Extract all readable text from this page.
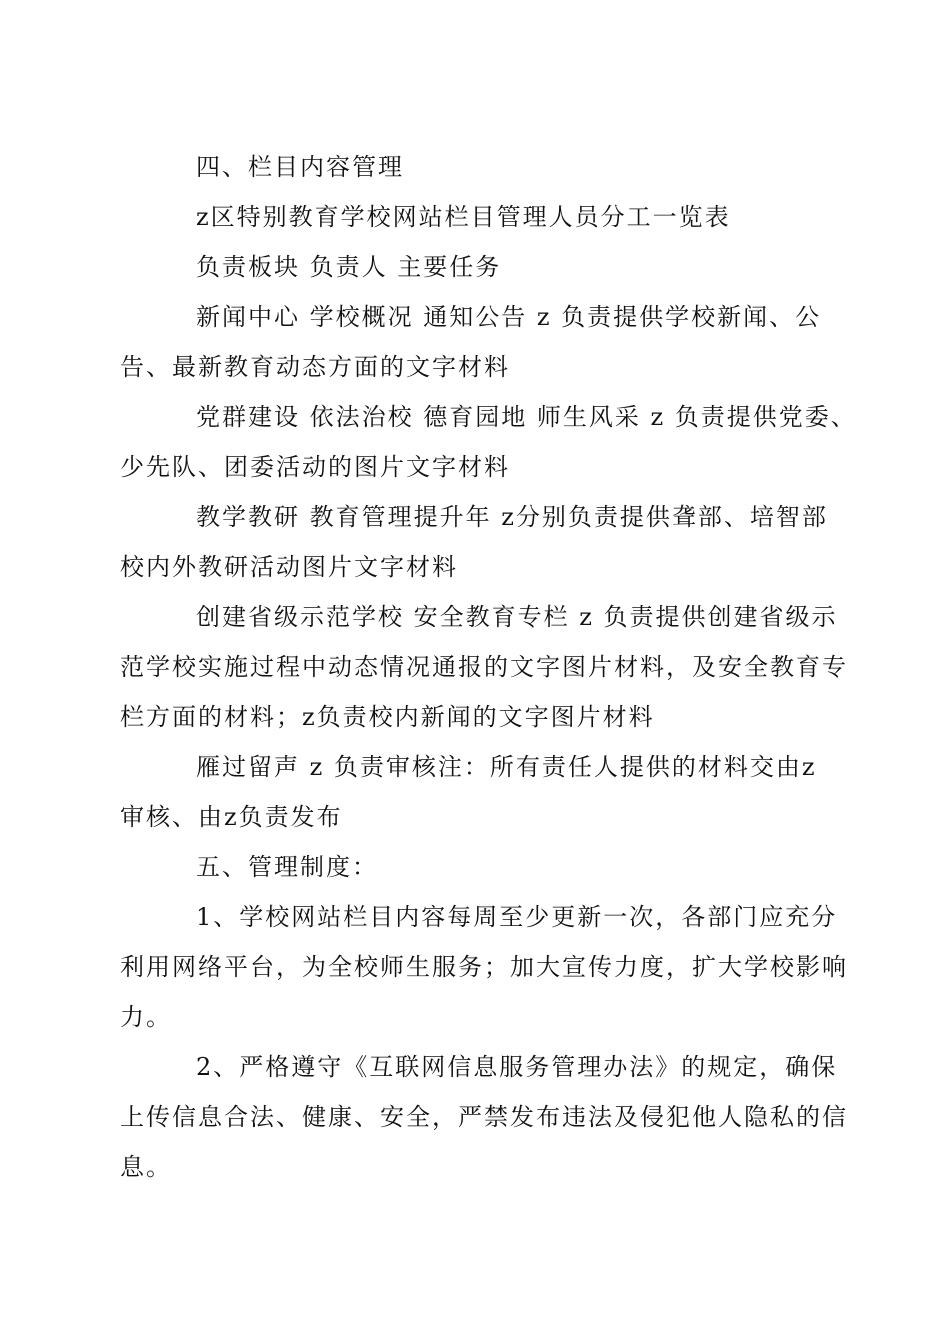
四、栏目内容管理
z区特别教育学校网站栏目管理人员分工一览表
负责板块 负责人 主要任务
新闻中心 学校概况 通知公告 z 负责提供学校新闻、公
告、最新教育动态方面的文字材料
党群建设 依法治校 德育园地 师生风采 z 负责提供党委、
少先队、团委活动的图片文字材料
教学教研 教育管理提升年 z分别负责提供聋部、培智部
校内外教研活动图片文字材料
创建省级示范学校 安全教育专栏 z 负责提供创建省级示
范学校实施过程中动态情况通报的文字图片材料，及安全教育专
栏方面的材料；z负责校内新闻的文字图片材料
雁过留声 z 负责审核注：所有责任人提供的材料交由z
审核、由z负责发布
五、管理制度：
1、学校网站栏目内容每周至少更新一次，各部门应充分
利用网络平台，为全校师生服务；加大宣传力度，扩大学校影响
力。
2、严格遵守《互联网信息服务管理办法》的规定，确保
上传信息合法、健康、安全，严禁发布违法及侵犯他人隐私的信
息。
